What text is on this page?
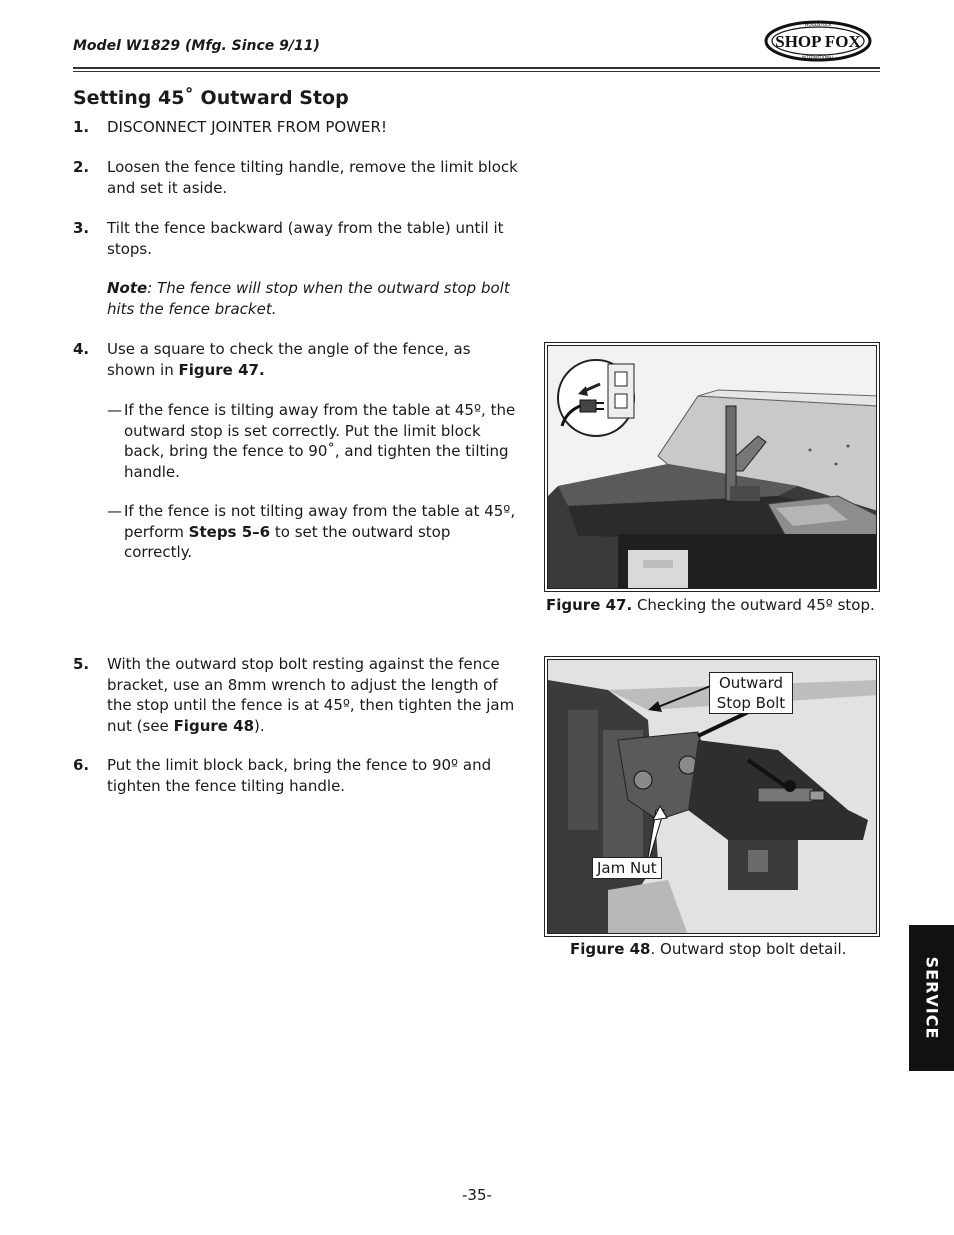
Model W1829 (Mfg. Since 9/11)	SHOP FOX
WOODSTOCK
INTERNATIONAL
Setting 45˚ Outward Stop
1. DISCONNECT JOINTER FROM POWER!
2. Loosen the fence tilting handle, remove the limit block and set it aside.
3. Tilt the fence backward (away from the table) until it stops.
Note: The fence will stop when the outward stop bolt hits the fence bracket.
4. Use a square to check the angle of the fence, as shown in Figure 47.
— If the fence is tilting away from the table at 45º, the outward stop is set correctly. Put the limit block back, bring the fence to 90˚, and tighten the tilting handle.
— If the fence is not tilting away from the table at 45º, perform Steps 5–6 to set the outward stop correctly.
5. With the outward stop bolt resting against the fence bracket, use an 8mm wrench to adjust the length of the stop until the fence is at 45º, then tighten the jam nut (see Figure 48).
6. Put the limit block back, bring the fence to 90º and tighten the fence tilting handle.
Figure 47. Checking the outward 45º stop.
Outward
Stop Bolt
Jam Nut
Figure 48. Outward stop bolt detail.
SERVICE
-35-
